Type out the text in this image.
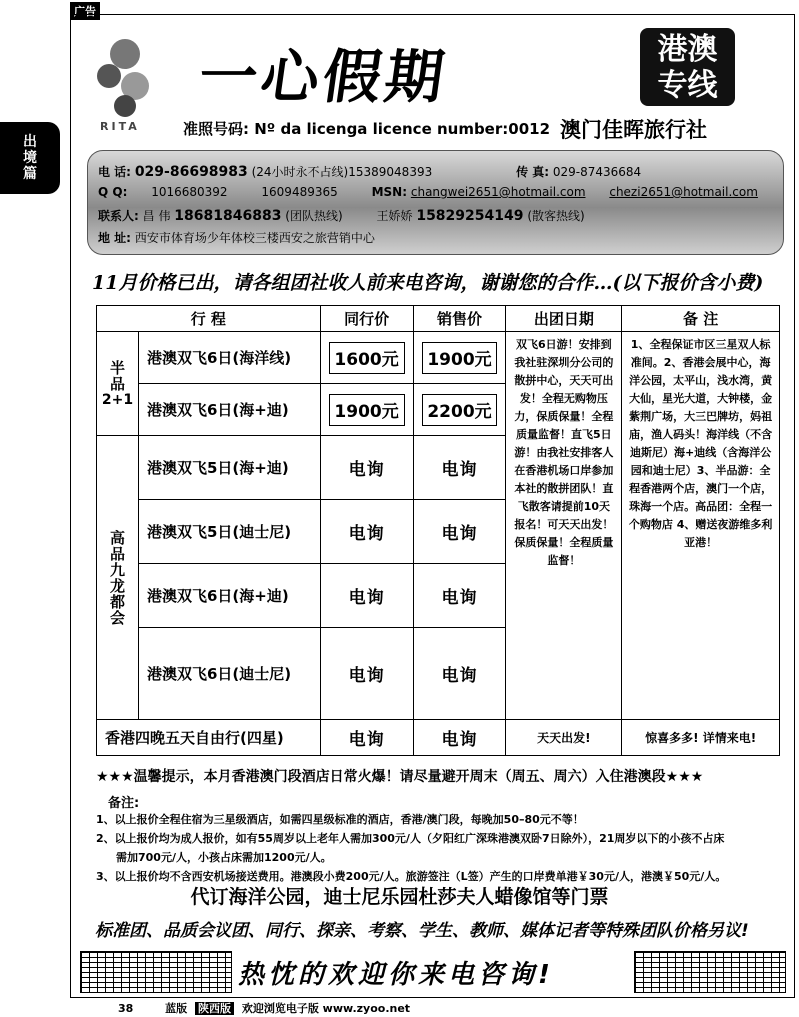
广告
出
境
篇
RITA
一心假期	港澳
专线
准照号码: Nº da licenga licence number:0012 澳门佳晖旅行社
电 话: 029-86698983 (24小时永不占线)15389048393	传 真: 029-87436684
Q Q: 1016680392	1609489365	MSN: changwei2651@hotmail.com chezi2651@hotmail.com
联系人: 昌 伟 18681846883 (团队热线)	王娇娇 15829254149 (散客热线)
地 址: 西安市体育场少年体校三楼西安之旅营销中心
11月价格已出，请各组团社收人前来电咨询，谢谢您的合作…(以下报价含小费)
行 程		同行价	销售价	出团日期	备 注

半品
2+1	港澳双飞6日(海洋线)	1600元	1900元	双飞6日游！安排到我社驻深圳分公司的散拼中心，天天可出发！全程无购物压力，保质保量！全程质量监督！直飞5日游！由我社安排客人在香港机场口岸参加本社的散拼团队！直飞散客请提前10天报名！可天天出发！保质保量！全程质量监督！	1、全程保证市区三星双人标准间。2、香港会展中心，海洋公园，太平山，浅水湾，黄大仙，星光大道，大钟楼，金紫荆广场，大三巴牌坊，妈祖庙，渔人码头！海洋线（不含迪斯尼）海+迪线（含海洋公园和迪士尼）3、半品游：全程香港两个店，澳门一个店，珠海一个店。高品团：全程一个购物店 4、赠送夜游维多利亚港！
	港澳双飞6日(海+迪)	1900元	2200元		

高品九龙都会	港澳双飞5日(海+迪)	电询	电询		
	港澳双飞5日(迪士尼)	电询	电询		
	港澳双飞6日(海+迪)	电询	电询		
	港澳双飞6日(迪士尼)	电询	电询		
香港四晚五天自由行(四星)		电询	电询	天天出发!	惊喜多多! 详情来电!
★★★温馨提示，本月香港澳门段酒店日常火爆！请尽量避开周末（周五、周六）入住港澳段★★★
备注:
1、以上报价全程住宿为三星级酒店，如需四星级标准的酒店，香港/澳门段，每晚加50–80元不等！
2、以上报价均为成人报价，如有55周岁以上老年人需加300元/人（夕阳红广深珠港澳双卧7日除外），21周岁以下的小孩不占床
需加700元/人，小孩占床需加1200元/人。
3、以上报价均不含西安机场接送费用。港澳段小费200元/人。旅游签注（L签）产生的口岸费单港￥30元/人，港澳￥50元/人。
代订海洋公园，迪士尼乐园杜莎夫人蜡像馆等门票
标准团、品质会议团、同行、探亲、考察、学生、教师、媒体记者等特殊团队价格另议!
热忱的欢迎你来电咨询!
38	蓝版 陕西版 欢迎浏览电子版 www.zyoo.net
